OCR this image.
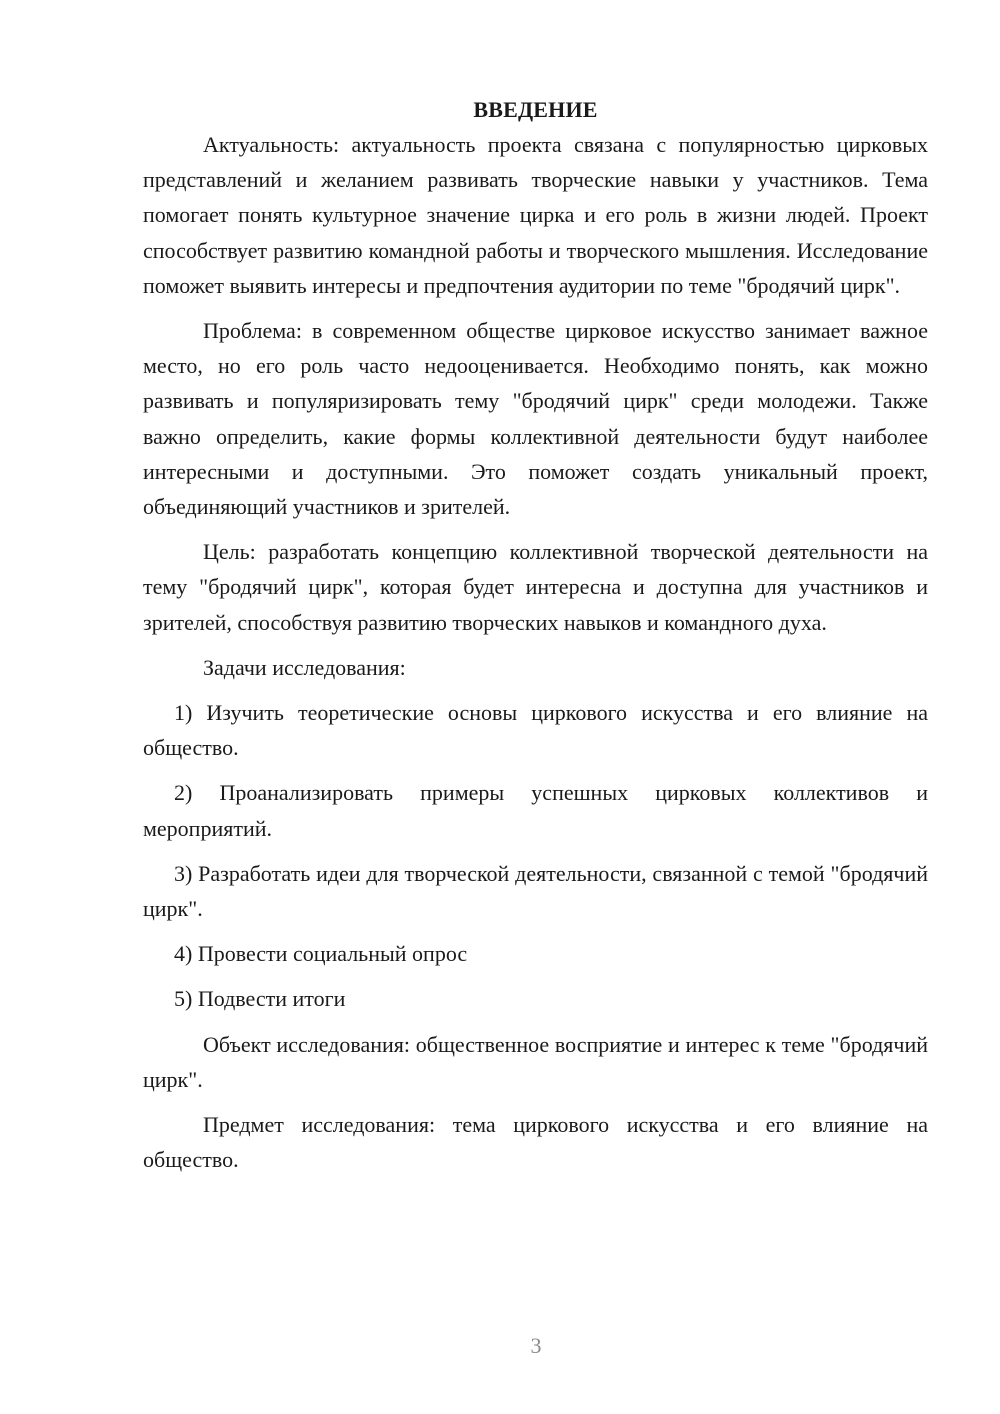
ВВЕДЕНИЕ

Актуальность: актуальность проекта связана с популярностью цирковых представлений и желанием развивать творческие навыки у участников. Тема помогает понять культурное значение цирка и его роль в жизни людей. Проект способствует развитию командной работы и творческого мышления. Исследование поможет выявить интересы и предпочтения аудитории по теме "бродячий цирк".

Проблема: в современном обществе цирковое искусство занимает важное место, но его роль часто недооценивается. Необходимо понять, как можно развивать и популяризировать тему "бродячий цирк" среди молодежи. Также важно определить, какие формы коллективной деятельности будут наиболее интересными и доступными. Это поможет создать уникальный проект, объединяющий участников и зрителей.

Цель: разработать концепцию коллективной творческой деятельности на тему "бродячий цирк", которая будет интересна и доступна для участников и зрителей, способствуя развитию творческих навыков и командного духа.

Задачи исследования:

1) Изучить теоретические основы циркового искусства и его влияние на общество.

2) Проанализировать примеры успешных цирковых коллективов и мероприятий.

3) Разработать идеи для творческой деятельности, связанной с темой "бродячий цирк".

4) Провести социальный опрос

5) Подвести итоги

Объект исследования: общественное восприятие и интерес к теме "бродячий цирк".

Предмет исследования: тема циркового искусства и его влияние на общество.

3
